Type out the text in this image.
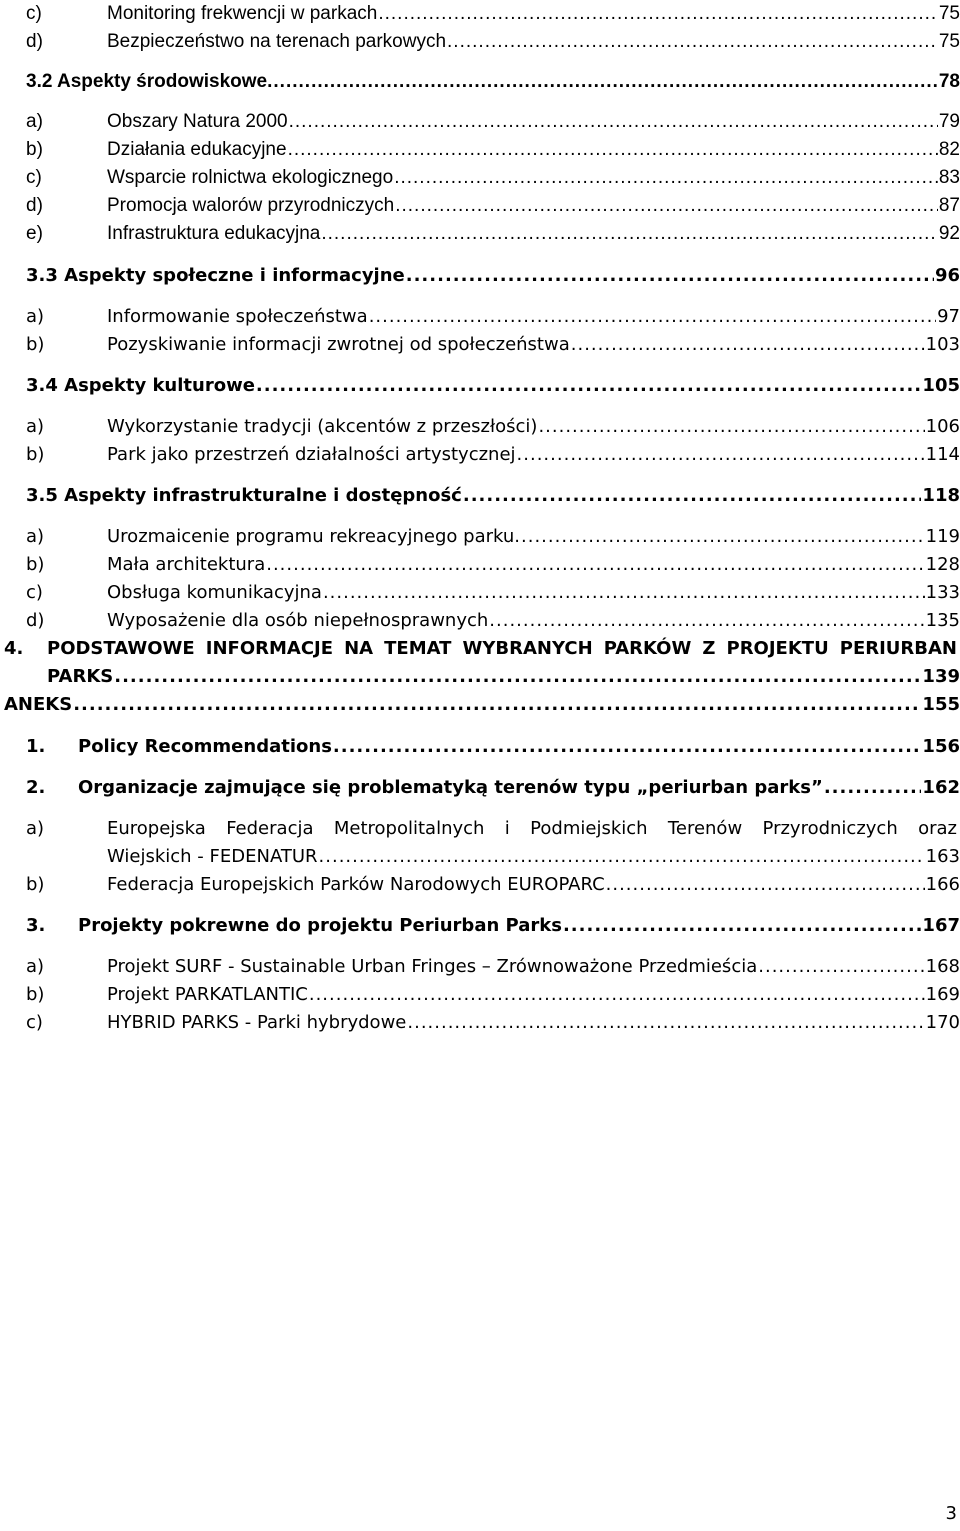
c)	Monitoring frekwencji w parkach .....	75
d)	Bezpieczeństwo na terenach parkowych .....	75
3.2 Aspekty środowiskowe. .....	78
a)	Obszary Natura 2000 .....	79
b)	Działania edukacyjne .....	82
c)	Wsparcie rolnictwa ekologicznego .....	83
d)	Promocja walorów przyrodniczych .....	87
e)	Infrastruktura edukacyjna .....	92
3.3 Aspekty społeczne i informacyjne .....	96
a)	Informowanie społeczeństwa .....	97
b)	Pozyskiwanie informacji zwrotnej od społeczeństwa .....	103
3.4 Aspekty kulturowe .....	105
a)	Wykorzystanie tradycji (akcentów z przeszłości) .....	106
b)	Park jako przestrzeń działalności artystycznej .....	114
3.5 Aspekty infrastrukturalne i dostępność .....	118
a)	Urozmaicenie programu rekreacyjnego parku. .....	119
b)	Mała architektura .....	128
c)	Obsługa komunikacyjna .....	133
d)	Wyposażenie dla osób niepełnosprawnych .....	135
4. PODSTAWOWE INFORMACJE NA TEMAT WYBRANYCH PARKÓW Z PROJEKTU PERIURBAN
PARKS .....	139
ANEKS .....	155
1. Policy Recommendations .....	156
2. Organizacje zajmujące się problematyką terenów typu „periurban parks” .....	162
a)	Europejska Federacja Metropolitalnych i Podmiejskich Terenów Przyrodniczych oraz
Wiejskich - FEDENATUR .....	163
b)	Federacja Europejskich Parków Narodowych EUROPARC .....	166
3. Projekty pokrewne do projektu Periurban Parks .....	167
a)	Projekt SURF - Sustainable Urban Fringes – Zrównoważone Przedmieścia .....	168
b)	Projekt PARKATLANTIC .....	169
c)	HYBRID PARKS - Parki hybrydowe .....	170
3
